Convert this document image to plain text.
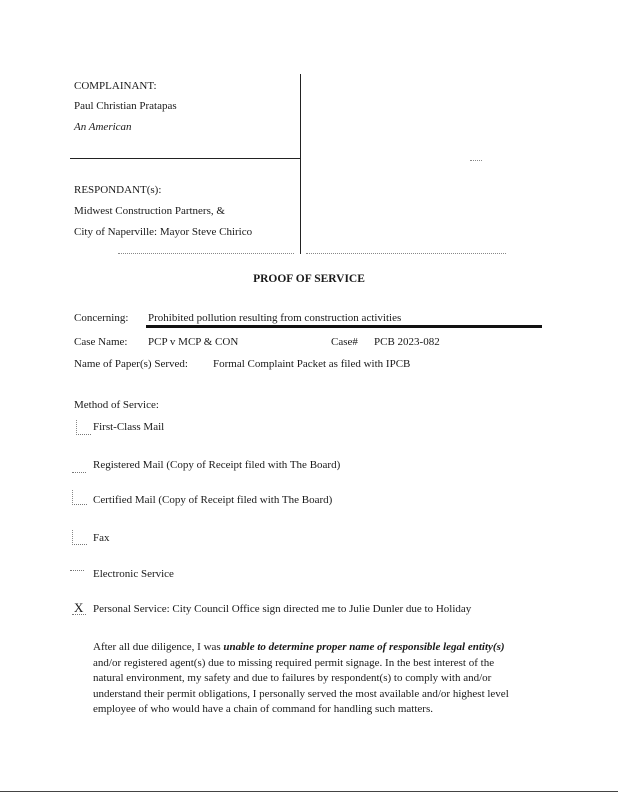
COMPLAINANT:
Paul Christian Pratapas
An American
RESPONDANT(s):
Midwest Construction Partners, &
City of Naperville: Mayor Steve Chirico
PROOF OF SERVICE
Concerning: Prohibited pollution resulting from construction activities
Case Name: PCP v MCP & CON	Case# PCB 2023-082
Name of Paper(s) Served: Formal Complaint Packet as filed with IPCB
Method of Service:
First-Class Mail
Registered Mail (Copy of Receipt filed with The Board)
Certified Mail (Copy of Receipt filed with The Board)
Fax
Electronic Service
X Personal Service: City Council Office sign directed me to Julie Dunler due to Holiday
After all due diligence, I was unable to determine proper name of responsible legal entity(s) and/or registered agent(s) due to missing required permit signage. In the best interest of the natural environment, my safety and due to failures by respondent(s) to comply with and/or understand their permit obligations, I personally served the most available and/or highest level employee of who would have a chain of command for handling such matters.
